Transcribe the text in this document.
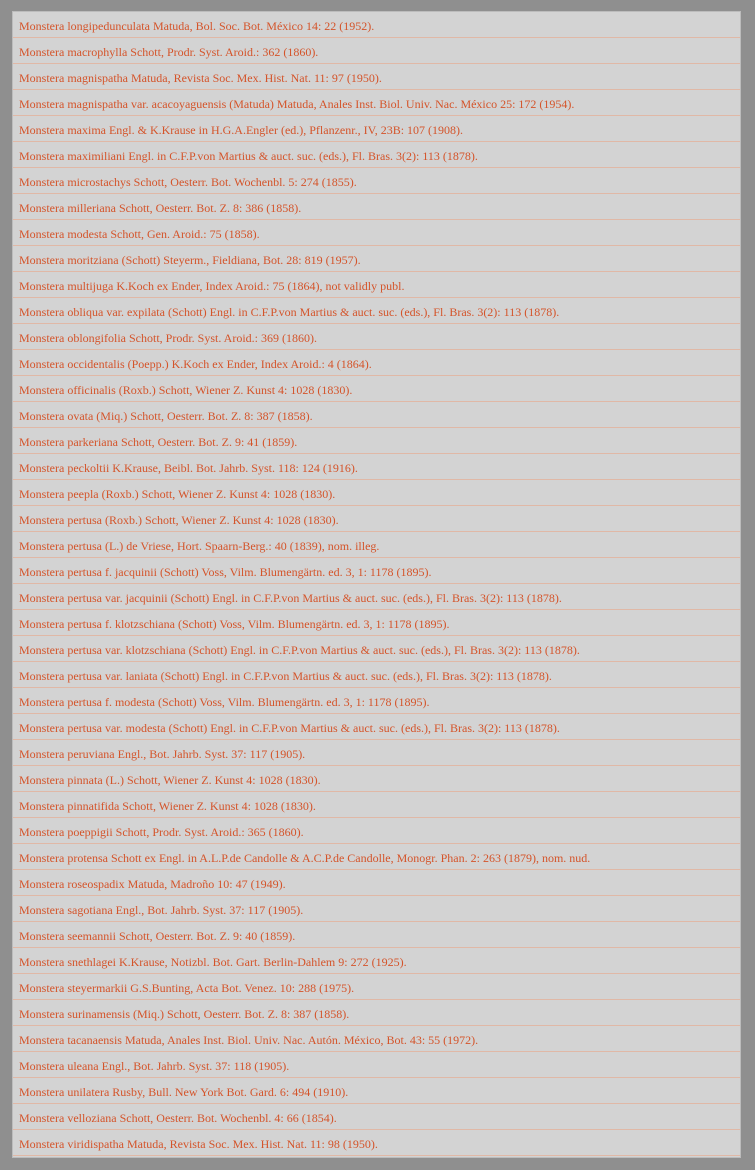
Monstera longipedunculata Matuda, Bol. Soc. Bot. México 14: 22 (1952).
Monstera macrophylla Schott, Prodr. Syst. Aroid.: 362 (1860).
Monstera magnispatha Matuda, Revista Soc. Mex. Hist. Nat. 11: 97 (1950).
Monstera magnispatha var. acacoyaguensis (Matuda) Matuda, Anales Inst. Biol. Univ. Nac. México 25: 172 (1954).
Monstera maxima Engl. & K.Krause in H.G.A.Engler (ed.), Pflanzenr., IV, 23B: 107 (1908).
Monstera maximiliani Engl. in C.F.P.von Martius & auct. suc. (eds.), Fl. Bras. 3(2): 113 (1878).
Monstera microstachys Schott, Oesterr. Bot. Wochenbl. 5: 274 (1855).
Monstera milleriana Schott, Oesterr. Bot. Z. 8: 386 (1858).
Monstera modesta Schott, Gen. Aroid.: 75 (1858).
Monstera moritziana (Schott) Steyerm., Fieldiana, Bot. 28: 819 (1957).
Monstera multijuga K.Koch ex Ender, Index Aroid.: 75 (1864), not validly publ.
Monstera obliqua var. expilata (Schott) Engl. in C.F.P.von Martius & auct. suc. (eds.), Fl. Bras. 3(2): 113 (1878).
Monstera oblongifolia Schott, Prodr. Syst. Aroid.: 369 (1860).
Monstera occidentalis (Poepp.) K.Koch ex Ender, Index Aroid.: 4 (1864).
Monstera officinalis (Roxb.) Schott, Wiener Z. Kunst 4: 1028 (1830).
Monstera ovata (Miq.) Schott, Oesterr. Bot. Z. 8: 387 (1858).
Monstera parkeriana Schott, Oesterr. Bot. Z. 9: 41 (1859).
Monstera peckoltii K.Krause, Beibl. Bot. Jahrb. Syst. 118: 124 (1916).
Monstera peepla (Roxb.) Schott, Wiener Z. Kunst 4: 1028 (1830).
Monstera pertusa (Roxb.) Schott, Wiener Z. Kunst 4: 1028 (1830).
Monstera pertusa (L.) de Vriese, Hort. Spaarn-Berg.: 40 (1839), nom. illeg.
Monstera pertusa f. jacquinii (Schott) Voss, Vilm. Blumengärtn. ed. 3, 1: 1178 (1895).
Monstera pertusa var. jacquinii (Schott) Engl. in C.F.P.von Martius & auct. suc. (eds.), Fl. Bras. 3(2): 113 (1878).
Monstera pertusa f. klotzschiana (Schott) Voss, Vilm. Blumengärtn. ed. 3, 1: 1178 (1895).
Monstera pertusa var. klotzschiana (Schott) Engl. in C.F.P.von Martius & auct. suc. (eds.), Fl. Bras. 3(2): 113 (1878).
Monstera pertusa var. laniata (Schott) Engl. in C.F.P.von Martius & auct. suc. (eds.), Fl. Bras. 3(2): 113 (1878).
Monstera pertusa f. modesta (Schott) Voss, Vilm. Blumengärtn. ed. 3, 1: 1178 (1895).
Monstera pertusa var. modesta (Schott) Engl. in C.F.P.von Martius & auct. suc. (eds.), Fl. Bras. 3(2): 113 (1878).
Monstera peruviana Engl., Bot. Jahrb. Syst. 37: 117 (1905).
Monstera pinnata (L.) Schott, Wiener Z. Kunst 4: 1028 (1830).
Monstera pinnatifida Schott, Wiener Z. Kunst 4: 1028 (1830).
Monstera poeppigii Schott, Prodr. Syst. Aroid.: 365 (1860).
Monstera protensa Schott ex Engl. in A.L.P.de Candolle & A.C.P.de Candolle, Monogr. Phan. 2: 263 (1879), nom. nud.
Monstera roseospadix Matuda, Madroño 10: 47 (1949).
Monstera sagotiana Engl., Bot. Jahrb. Syst. 37: 117 (1905).
Monstera seemannii Schott, Oesterr. Bot. Z. 9: 40 (1859).
Monstera snethlagei K.Krause, Notizbl. Bot. Gart. Berlin-Dahlem 9: 272 (1925).
Monstera steyermarkii G.S.Bunting, Acta Bot. Venez. 10: 288 (1975).
Monstera surinamensis (Miq.) Schott, Oesterr. Bot. Z. 8: 387 (1858).
Monstera tacanaensis Matuda, Anales Inst. Biol. Univ. Nac. Autón. México, Bot. 43: 55 (1972).
Monstera uleana Engl., Bot. Jahrb. Syst. 37: 118 (1905).
Monstera unilatera Rusby, Bull. New York Bot. Gard. 6: 494 (1910).
Monstera velloziana Schott, Oesterr. Bot. Wochenbl. 4: 66 (1854).
Monstera viridispatha Matuda, Revista Soc. Mex. Hist. Nat. 11: 98 (1950).
